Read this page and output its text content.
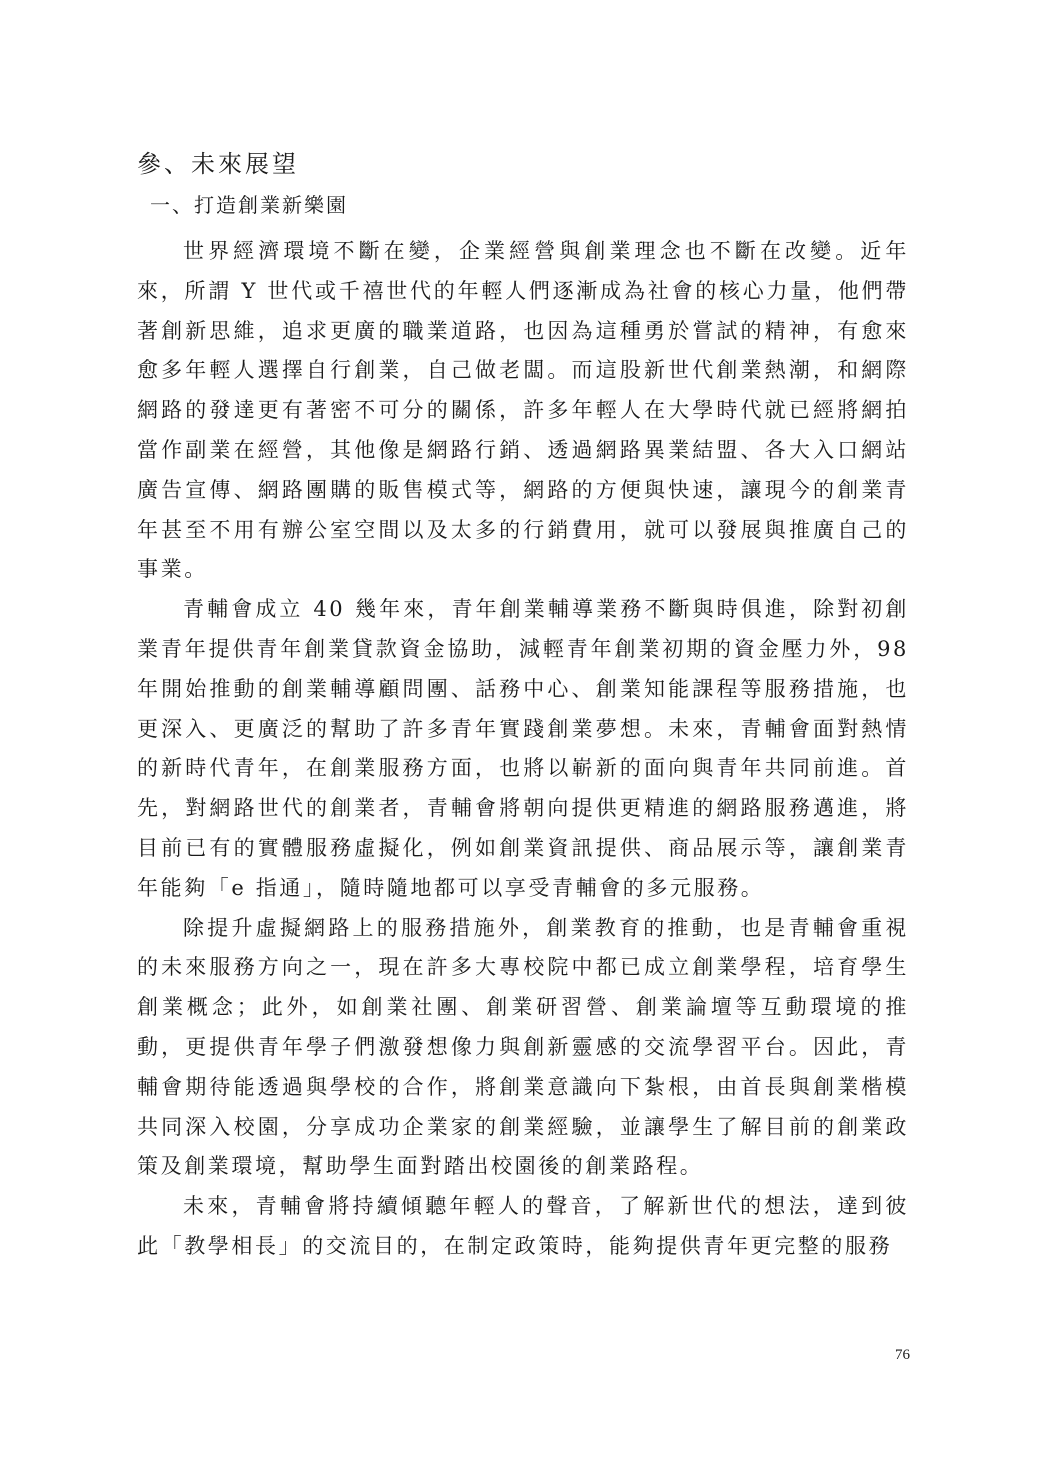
參、未來展望
一、打造創業新樂園

世界經濟環境不斷在變，企業經營與創業理念也不斷在改變。近年來，所謂 Y 世代或千禧世代的年輕人們逐漸成為社會的核心力量，他們帶著創新思維，追求更廣的職業道路，也因為這種勇於嘗試的精神，有愈來愈多年輕人選擇自行創業，自己做老闆。而這股新世代創業熱潮，和網際網路的發達更有著密不可分的關係，許多年輕人在大學時代就已經將網拍當作副業在經營，其他像是網路行銷、透過網路異業結盟、各大入口網站廣告宣傳、網路團購的販售模式等，網路的方便與快速，讓現今的創業青年甚至不用有辦公室空間以及太多的行銷費用，就可以發展與推廣自己的事業。

青輔會成立 40 幾年來，青年創業輔導業務不斷與時俱進，除對初創業青年提供青年創業貸款資金協助，減輕青年創業初期的資金壓力外，98 年開始推動的創業輔導顧問團、話務中心、創業知能課程等服務措施，也更深入、更廣泛的幫助了許多青年實踐創業夢想。未來，青輔會面對熱情的新時代青年，在創業服務方面，也將以嶄新的面向與青年共同前進。首先，對網路世代的創業者，青輔會將朝向提供更精進的網路服務邁進，將目前已有的實體服務虛擬化，例如創業資訊提供、商品展示等，讓創業青年能夠「e 指通」，隨時隨地都可以享受青輔會的多元服務。

除提升虛擬網路上的服務措施外，創業教育的推動，也是青輔會重視的未來服務方向之一，現在許多大專校院中都已成立創業學程，培育學生創業概念；此外，如創業社團、創業研習營、創業論壇等互動環境的推動，更提供青年學子們激發想像力與創新靈感的交流學習平台。因此，青輔會期待能透過與學校的合作，將創業意識向下紮根，由首長與創業楷模共同深入校園，分享成功企業家的創業經驗，並讓學生了解目前的創業政策及創業環境，幫助學生面對踏出校園後的創業路程。

未來，青輔會將持續傾聽年輕人的聲音，了解新世代的想法，達到彼此「教學相長」的交流目的，在制定政策時，能夠提供青年更完整的服務

76
